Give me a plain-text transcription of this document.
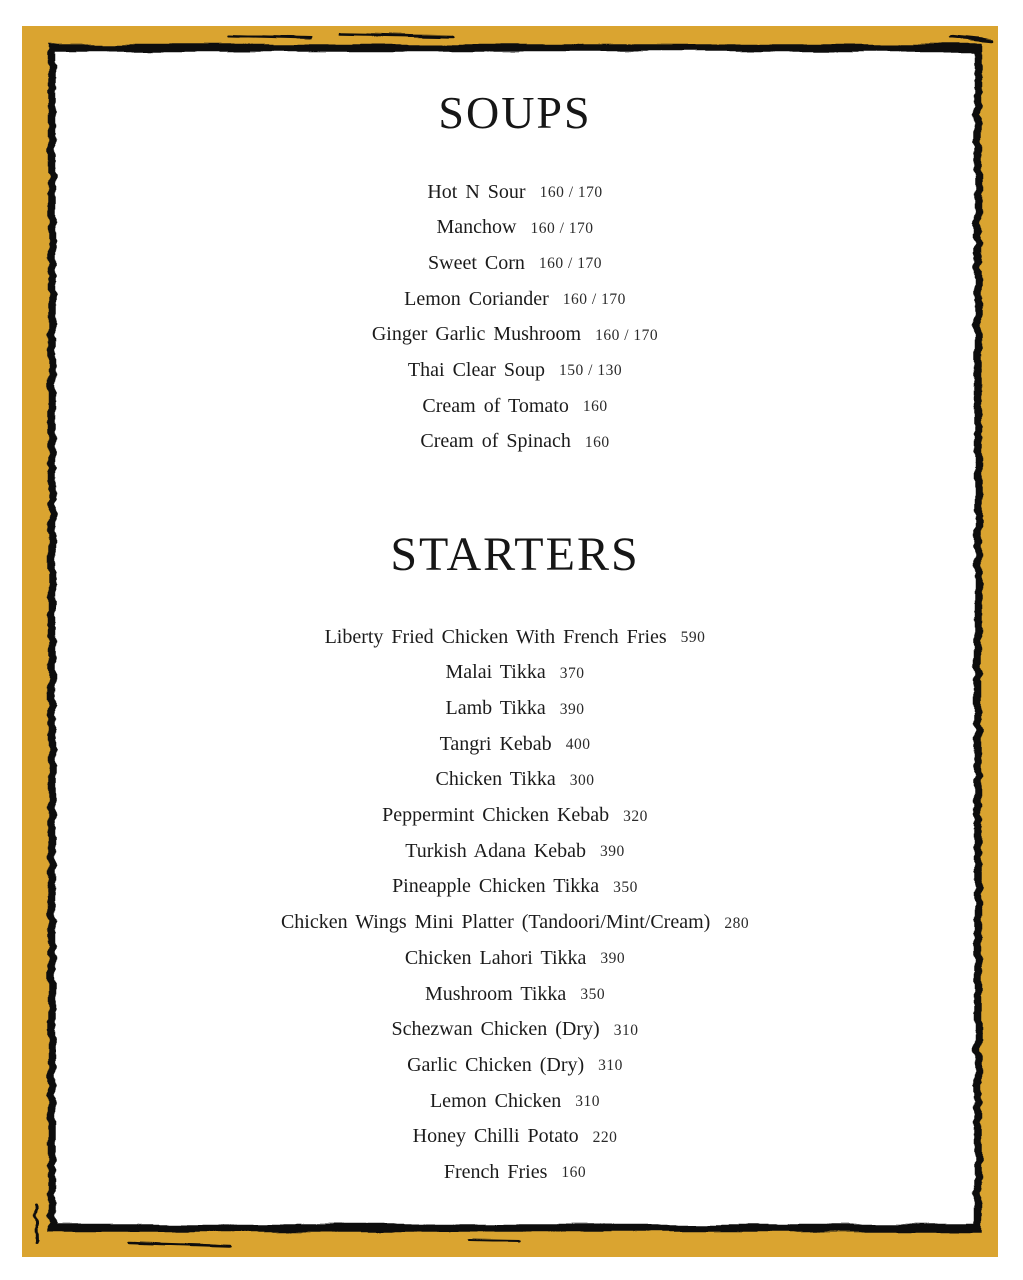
SOUPS
Hot N Sour 160 / 170
Manchow 160 / 170
Sweet Corn 160 / 170
Lemon Coriander 160 / 170
Ginger Garlic Mushroom 160 / 170
Thai Clear Soup 150 / 130
Cream of Tomato 160
Cream of Spinach 160
STARTERS
Liberty Fried Chicken With French Fries 590
Malai Tikka 370
Lamb Tikka 390
Tangri Kebab 400
Chicken Tikka 300
Peppermint Chicken Kebab 320
Turkish Adana Kebab 390
Pineapple Chicken Tikka 350
Chicken Wings Mini Platter (Tandoori/Mint/Cream) 280
Chicken Lahori Tikka 390
Mushroom Tikka 350
Schezwan Chicken (Dry) 310
Garlic Chicken (Dry) 310
Lemon Chicken 310
Honey Chilli Potato 220
French Fries 160
